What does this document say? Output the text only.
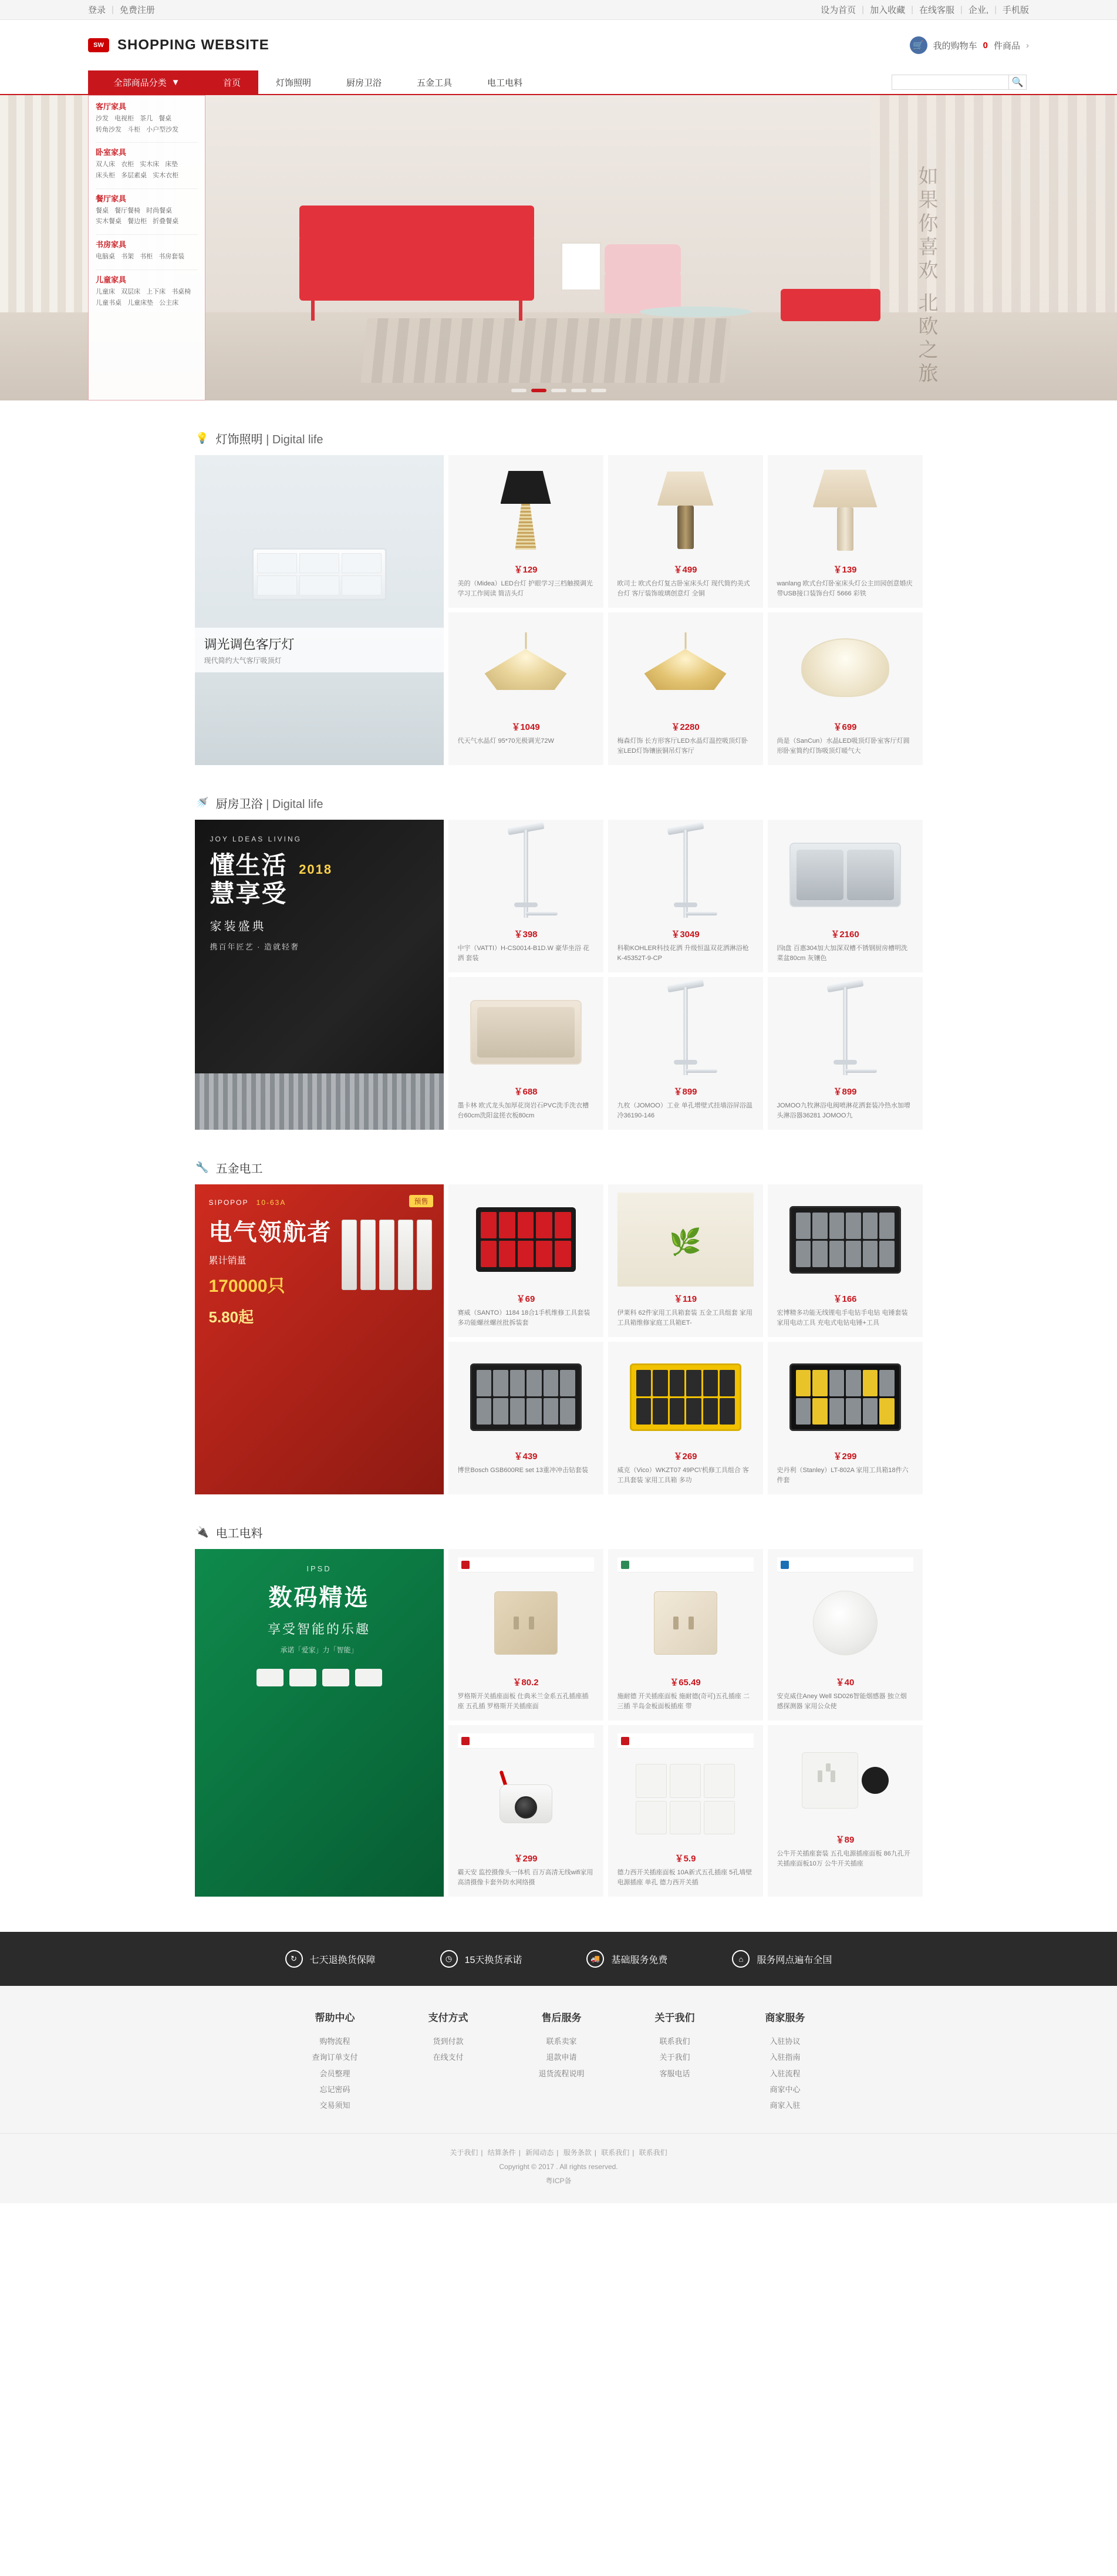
登录 | 免费注册	设为首页 | 加入收藏 | 在线客服 | 企业, | 手机版
SW SHOPPING WEBSITE	🛒	我的购物车 0 件商品 ›
全部商品分类 ▼	首页	灯饰照明	厨房卫浴	五金工具	电工电料	🔍
如果你喜欢 北欧之旅
客厅家具
沙发 电视柜 茶几 餐桌
转角沙发 斗柜 小户型沙发
卧室家具
双人床 衣柜 实木床 床垫
床头柜 多层素桌 实木衣柜
餐厅家具
餐桌 餐厅餐椅 时尚餐桌
实木餐桌 餐边柜 折叠餐桌
书房家具
电脑桌 书架 书柜 书房套装
儿童家具
儿童床 双层床 上下床 书桌椅
儿童书桌 儿童床垫 公主床
💡 灯饰照明 | Digital life
调光调色客厅灯
现代简约大气客厅吸顶灯
￥129
美的（Midea）LED台灯 护眼学习三档触摸调光 学习工作阅读 简洁头灯
￥499
欧司士 欧式台灯复古卧室床头灯 现代简约美式台灯 客厅装饰玻璃创意灯 全铜
￥139
wanlang 欧式台灯卧室床头灯公主田园创意婚庆带USB接口装饰台灯 5666 彩铁
￥1049
代天气水晶灯 95*70光极调光72W
￥2280
梅森灯饰 长方形客厅LED水晶灯温控吸顶灯卧室LED灯饰镶嵌铜吊灯客厅
￥699
尚是（SanCun）水晶LED吸顶灯卧室客厅灯圆形卧室简约灯饰吸顶灯暖气大
🚿 厨房卫浴 | Digital life
JOY LDEAS LIVING
懂生活 2018
慧享受
家装盛典
携百年匠艺 · 造就轻奢
￥398
中宇（VATTI）H-CS0014-B1D.W 豪华坐浴 花洒 套装
￥3049
科勒KOHLER科技花洒 升级恒温双花洒淋浴枪 K-45352T-9-CP
￥2160
四ṭ盘 百惠304加大加深双槽不锈钢厨房槽明洗菜盆80cm 灰镶色
￥688
墨卡林 欧式龙头加厚花岗岩石PVC洗手洗衣槽台60cm洗阳盆搓衣板80cm
￥899
九枚（JOMOO）工业 单孔增壁式挂墙浴屏浴温冷36190-146
￥899
JOMOO九牧淋浴电阀喷淋花洒套装冷热水加增头淋浴器36281 JOMOO九
🔧 五金电工
SIPOPOP 10-63A
电气领航者
累计销量
170000只
5.80起
预售
￥69
赛威（SANTO）1184 18合1手机维修工具套装 多功能螺丝螺丝批拆装套
🌿
￥119
伊莱科 62件家用工具箱套装 五金工具组套 家用工具箱维修家庭工具箱ET-
￥166
宏博精多功能无线锂电手电钻手电钻 电锤套装家用电动工具 充电式电钻电锤+工具
￥439
博世Bosch GSB600RE set 13重冲冲击钻套装
￥269
威克（Vico）WKZT07 49PC\'机修工具组合 客工具套装 家用工具箱 多功
￥299
史丹利（Stanley）LT-802A 家用工具箱18件六件套
🔌 电工电料
IPSD
数码精选
享受智能的乐趣
承诺「爱家」力「智能」
￥80.2
罗格斯开关插座面板 仕典米兰金系五孔插座插座 五孔插 罗格斯开关插座面
￥65.49
施耐德 开关插座面板 施耐德(奇可)五孔插座 二三插 半岛金板面板插座 带
￥40
安克威住Aney Well SD026智能烟感器 独立烟感探测器 家用公众使
￥299
霸天安 监控摄像头一体机 百万高清无线wifi家用高清摄像卡套外防水网络摄
￥5.9
德力西开关插座面板 10A新式五孔插座 5孔墙壁电源插座 单孔 德力西开关插
￥89
公牛开关插座套装 五孔电源插座面板 86九孔开关插座面板10万 公牛开关插座
↻	七天退换货保障	◷	15天换货承诺	🚚	基础服务免费	⌂	服务网点遍布全国
帮助中心
购物流程
查询订单支付
会员整理
忘记密码
交易须知
支付方式
货到付款
在线支付
售后服务
联系卖家
退款申请
退货流程说明
关于我们
联系我们
关于我们
客服电话
商家服务
入驻协议
入驻指南
入驻流程
商家中心
商家入驻
关于我们 | 结算条件 | 新闻动态 | 服务条款 | 联系我们 | 联系我们
Copyright © 2017 . All rights reserved.
粤ICP备
